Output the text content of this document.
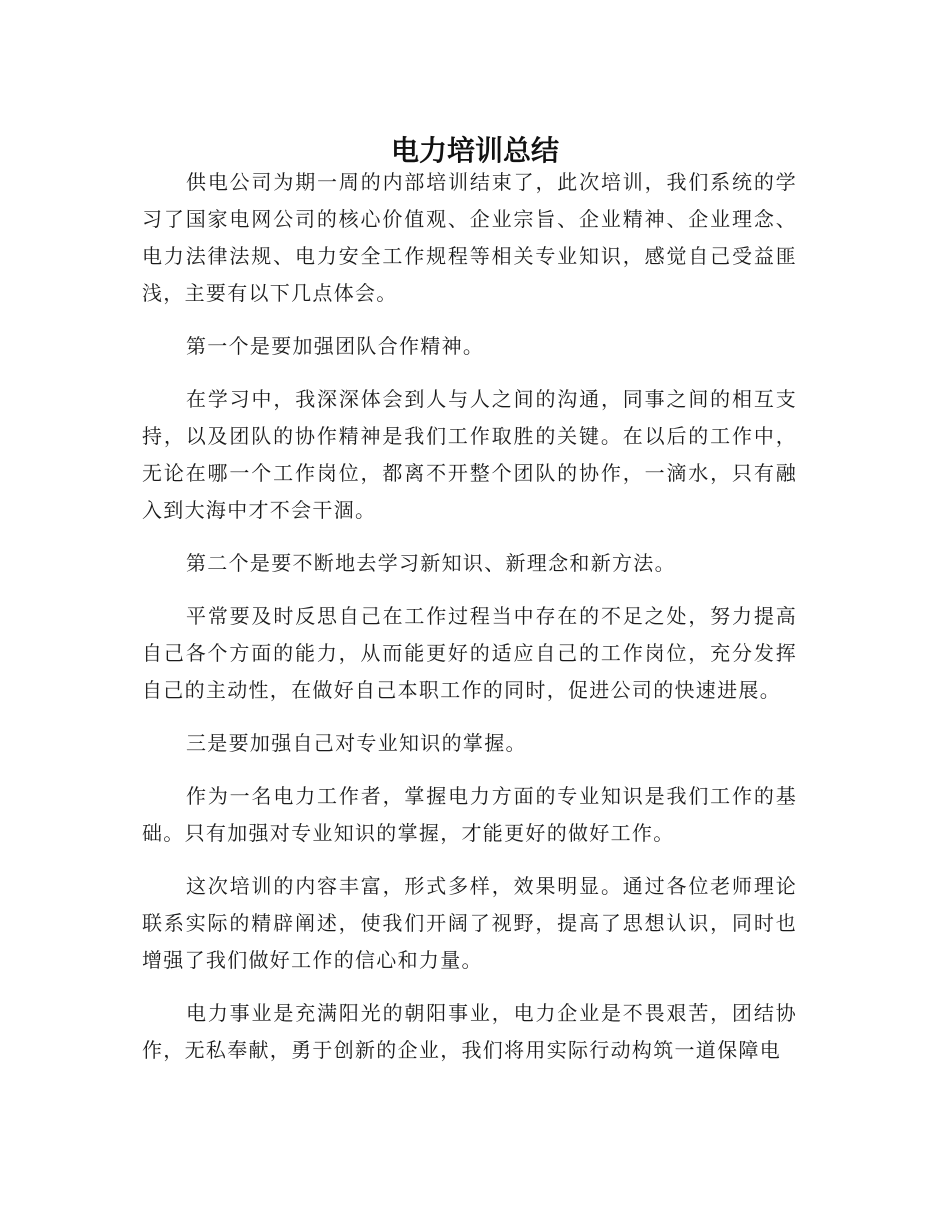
电力培训总结

供电公司为期一周的内部培训结束了，此次培训，我们系统的学习了国家电网公司的核心价值观、企业宗旨、企业精神、企业理念、电力法律法规、电力安全工作规程等相关专业知识，感觉自己受益匪浅，主要有以下几点体会。

第一个是要加强团队合作精神。

在学习中，我深深体会到人与人之间的沟通，同事之间的相互支持，以及团队的协作精神是我们工作取胜的关键。在以后的工作中，无论在哪一个工作岗位，都离不开整个团队的协作，一滴水，只有融入到大海中才不会干涸。

第二个是要不断地去学习新知识、新理念和新方法。

平常要及时反思自己在工作过程当中存在的不足之处，努力提高自己各个方面的能力，从而能更好的适应自己的工作岗位，充分发挥自己的主动性，在做好自己本职工作的同时，促进公司的快速进展。

三是要加强自己对专业知识的掌握。

作为一名电力工作者，掌握电力方面的专业知识是我们工作的基础。只有加强对专业知识的掌握，才能更好的做好工作。

这次培训的内容丰富，形式多样，效果明显。通过各位老师理论联系实际的精辟阐述，使我们开阔了视野，提高了思想认识，同时也增强了我们做好工作的信心和力量。

电力事业是充满阳光的朝阳事业，电力企业是不畏艰苦，团结协作，无私奉献，勇于创新的企业，我们将用实际行动构筑一道保障电
